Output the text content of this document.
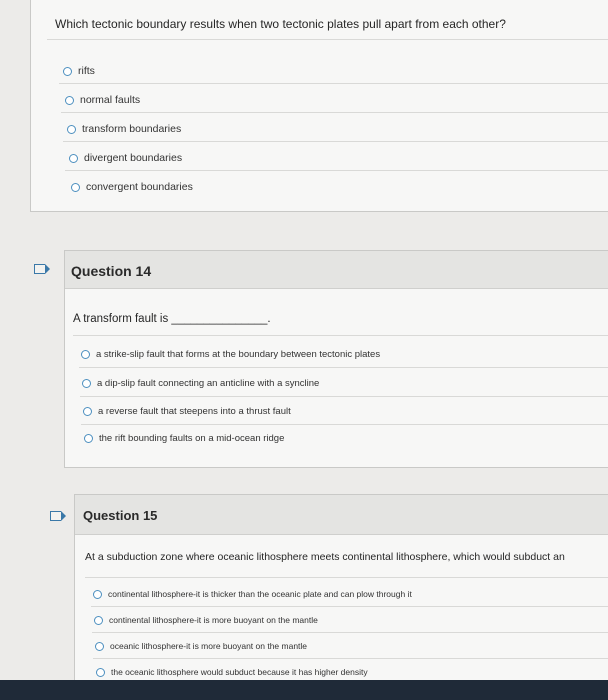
Which tectonic boundary results when two tectonic plates pull apart from each other?
rifts
normal faults
transform boundaries
divergent boundaries
convergent boundaries
Question 14
A transform fault is _______________.
a strike-slip fault that forms at the boundary between tectonic plates
a dip-slip fault connecting an anticline with a syncline
a reverse fault that steepens into a thrust fault
the rift bounding faults on a mid-ocean ridge
Question 15
At a subduction zone where oceanic lithosphere meets continental lithosphere, which would subduct an
continental lithosphere-it is thicker than the oceanic plate and can plow through it
continental lithosphere-it is more buoyant on the mantle
oceanic lithosphere-it is more buoyant on the mantle
the oceanic lithosphere would subduct because it has higher density
